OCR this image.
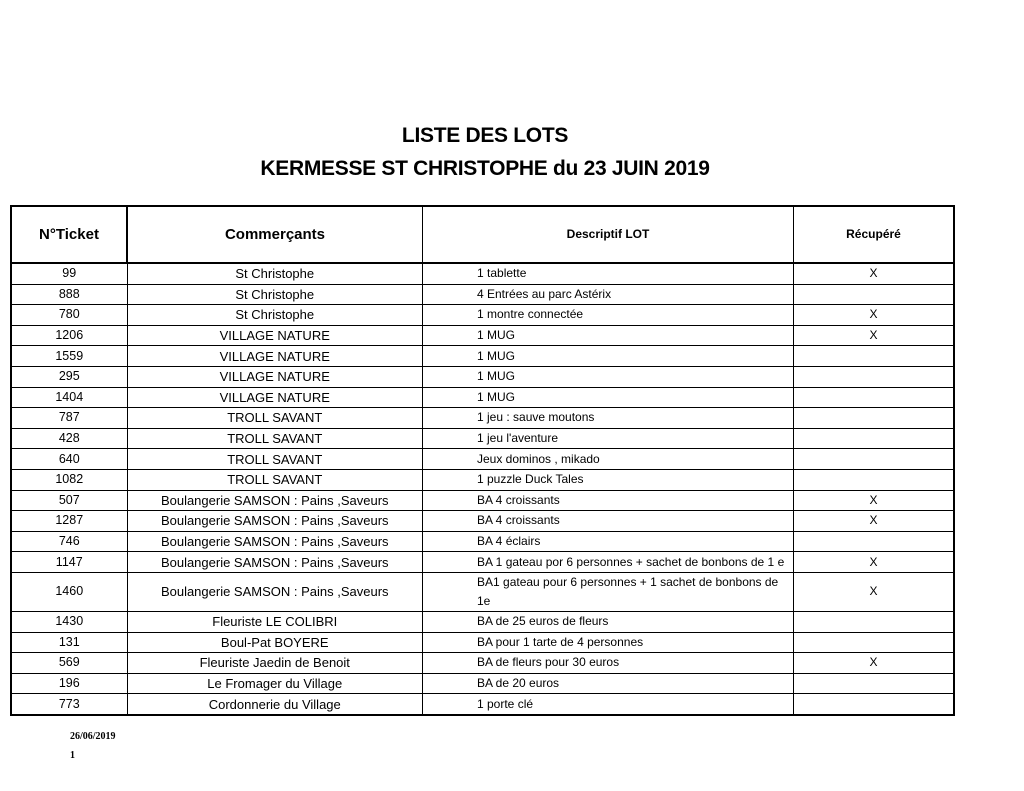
LISTE DES LOTS
KERMESSE ST CHRISTOPHE du 23 JUIN 2019
N°Ticket	Commerçants	Descriptif LOT	Récupéré
99	St Christophe	1 tablette	X
888	St Christophe	4 Entrées au parc Astérix	
780	St Christophe	1 montre connectée	X
1206	VILLAGE NATURE	1 MUG	X
1559	VILLAGE NATURE	1 MUG	
295	VILLAGE NATURE	1 MUG	
1404	VILLAGE NATURE	1 MUG	
787	TROLL SAVANT	1 jeu : sauve moutons	
428	TROLL SAVANT	1 jeu l'aventure	
640	TROLL SAVANT	Jeux dominos , mikado	
1082	TROLL SAVANT	1 puzzle Duck Tales	
507	Boulangerie SAMSON : Pains ,Saveurs	BA 4 croissants	X
1287	Boulangerie SAMSON : Pains ,Saveurs	BA 4 croissants	X
746	Boulangerie SAMSON : Pains ,Saveurs	BA 4 éclairs	
1147	Boulangerie SAMSON : Pains ,Saveurs	BA 1 gateau por 6 personnes + sachet de bonbons de 1 e	X
1460	Boulangerie SAMSON : Pains ,Saveurs	BA1 gateau pour 6 personnes + 1 sachet de bonbons de 1e	X
1430	Fleuriste LE COLIBRI	BA de 25 euros de fleurs	
131	Boul-Pat BOYERE	BA pour 1 tarte de 4 personnes	
569	Fleuriste Jaedin de Benoit	BA de fleurs pour 30 euros	X
196	Le Fromager du Village	BA de 20 euros	
773	Cordonnerie du Village	1 porte clé	
26/06/2019
1
